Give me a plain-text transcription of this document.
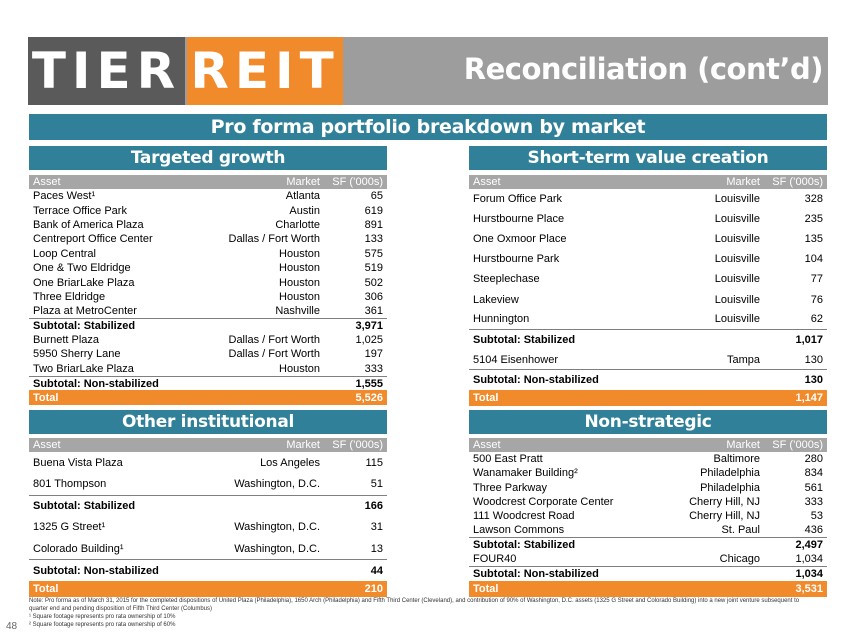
TIER REIT	Reconciliation (cont’d)
Pro forma portfolio breakdown by market
Targeted growth
Asset	Market	SF (’000s)
Paces West¹	Atlanta	65
Terrace Office Park	Austin	619
Bank of America Plaza	Charlotte	891
Centreport Office Center	Dallas / Fort Worth	133
Loop Central	Houston	575
One & Two Eldridge	Houston	519
One BriarLake Plaza	Houston	502
Three Eldridge	Houston	306
Plaza at MetroCenter	Nashville	361
Subtotal: Stabilized		3,971
Burnett Plaza	Dallas / Fort Worth	1,025
5950 Sherry Lane	Dallas / Fort Worth	197
Two BriarLake Plaza	Houston	333
Subtotal: Non-stabilized		1,555
Total		5,526
Short-term value creation
Asset	Market	SF (’000s)
Forum Office Park	Louisville	328
Hurstbourne Place	Louisville	235
One Oxmoor Place	Louisville	135
Hurstbourne Park	Louisville	104
Steeplechase	Louisville	77
Lakeview	Louisville	76
Hunnington	Louisville	62
Subtotal: Stabilized		1,017
5104 Eisenhower	Tampa	130
Subtotal: Non-stabilized		130
Total		1,147
Other institutional
Asset	Market	SF (’000s)
Buena Vista Plaza	Los Angeles	115
801 Thompson	Washington, D.C.	51
Subtotal: Stabilized		166
1325 G Street¹	Washington, D.C.	31
Colorado Building¹	Washington, D.C.	13
Subtotal: Non-stabilized		44
Total		210
Non-strategic
Asset	Market	SF (’000s)
500 East Pratt	Baltimore	280
Wanamaker Building²	Philadelphia	834
Three Parkway	Philadelphia	561
Woodcrest Corporate Center	Cherry Hill, NJ	333
111 Woodcrest Road	Cherry Hill, NJ	53
Lawson Commons	St. Paul	436
Subtotal: Stabilized		2,497
FOUR40	Chicago	1,034
Subtotal: Non-stabilized		1,034
Total		3,531
Note: Pro forma as of March 31, 2015 for the completed dispositions of United Plaza (Philadelphia), 1650 Arch (Philadelphia) and Fifth Third Center (Cleveland), and contribution of 90% of Washington, D.C. assets (1325 G Street and Colorado Building) into a new joint venture subsequent to quarter end and pending disposition of Fifth Third Center (Columbus)
¹ Square footage represents pro rata ownership of 10%
² Square footage represents pro rata ownership of 60%
48
